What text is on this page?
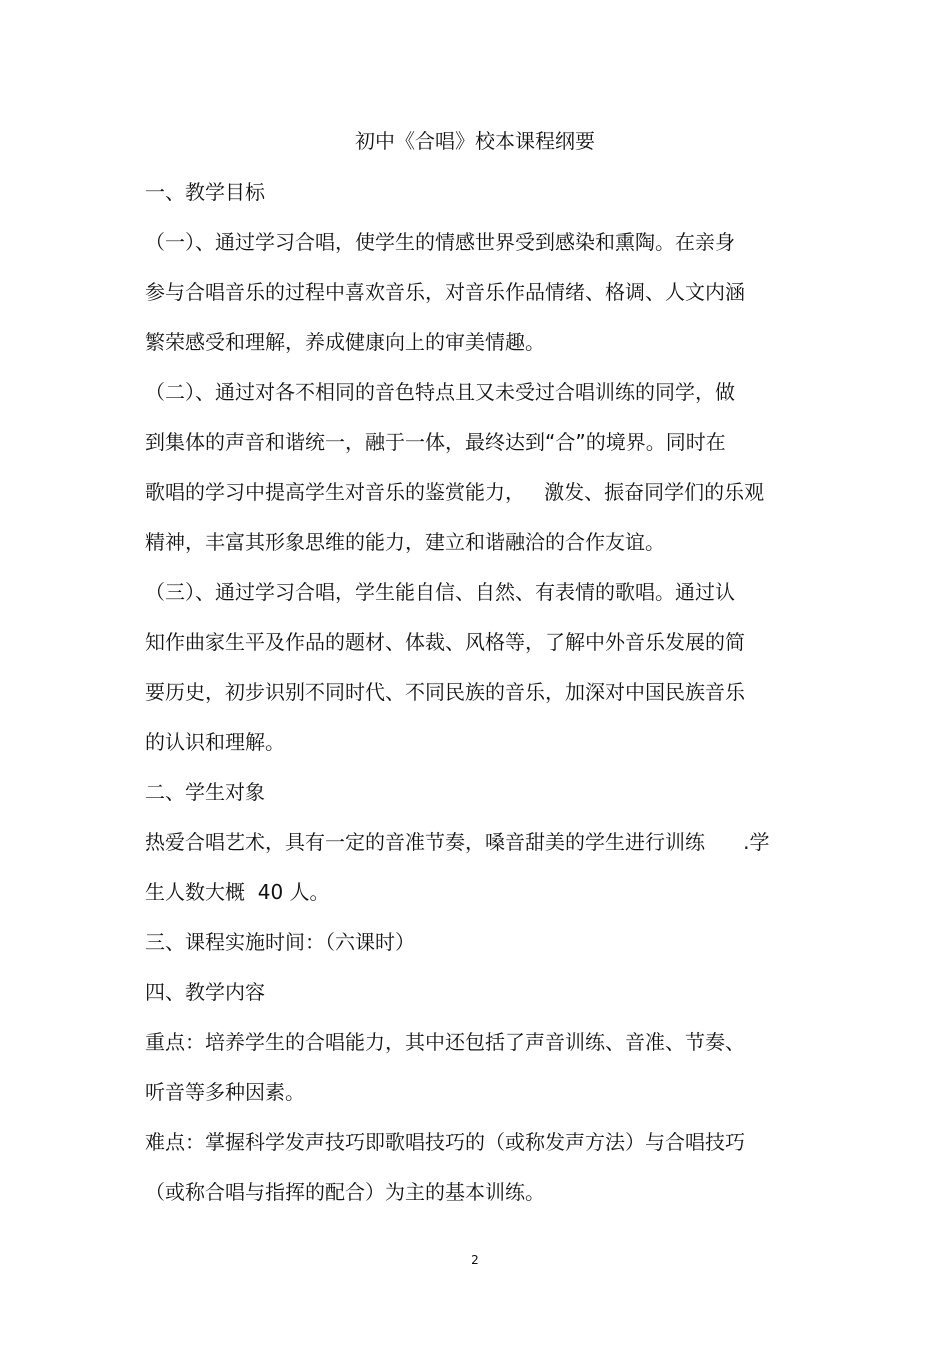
初中《合唱》校本课程纲要
一、教学目标
（一）、通过学习合唱，使学生的情感世界受到感染和熏陶。在亲身
参与合唱音乐的过程中喜欢音乐，对音乐作品情绪、格调、人文内涵
繁荣感受和理解，养成健康向上的审美情趣。
（二）、通过对各不相同的音色特点且又未受过合唱训练的同学，做
到集体的声音和谐统一，融于一体，最终达到“合”的境界。同时在
歌唱的学习中提高学生对音乐的鉴赏能力，   激发、振奋同学们的乐观
精神，丰富其形象思维的能力，建立和谐融洽的合作友谊。
（三）、通过学习合唱，学生能自信、自然、有表情的歌唱。通过认
知作曲家生平及作品的题材、体裁、风格等，了解中外音乐发展的简
要历史，初步识别不同时代、不同民族的音乐，加深对中国民族音乐
的认识和理解。
二、学生对象
热爱合唱艺术，具有一定的音准节奏，嗓音甜美的学生进行训练      .学
生人数大概  40 人。
三、课程实施时间：（六课时）
四、教学内容
重点：培养学生的合唱能力，其中还包括了声音训练、音准、节奏、
听音等多种因素。
难点：掌握科学发声技巧即歌唱技巧的（或称发声方法）与合唱技巧
（或称合唱与指挥的配合）为主的基本训练。
2
